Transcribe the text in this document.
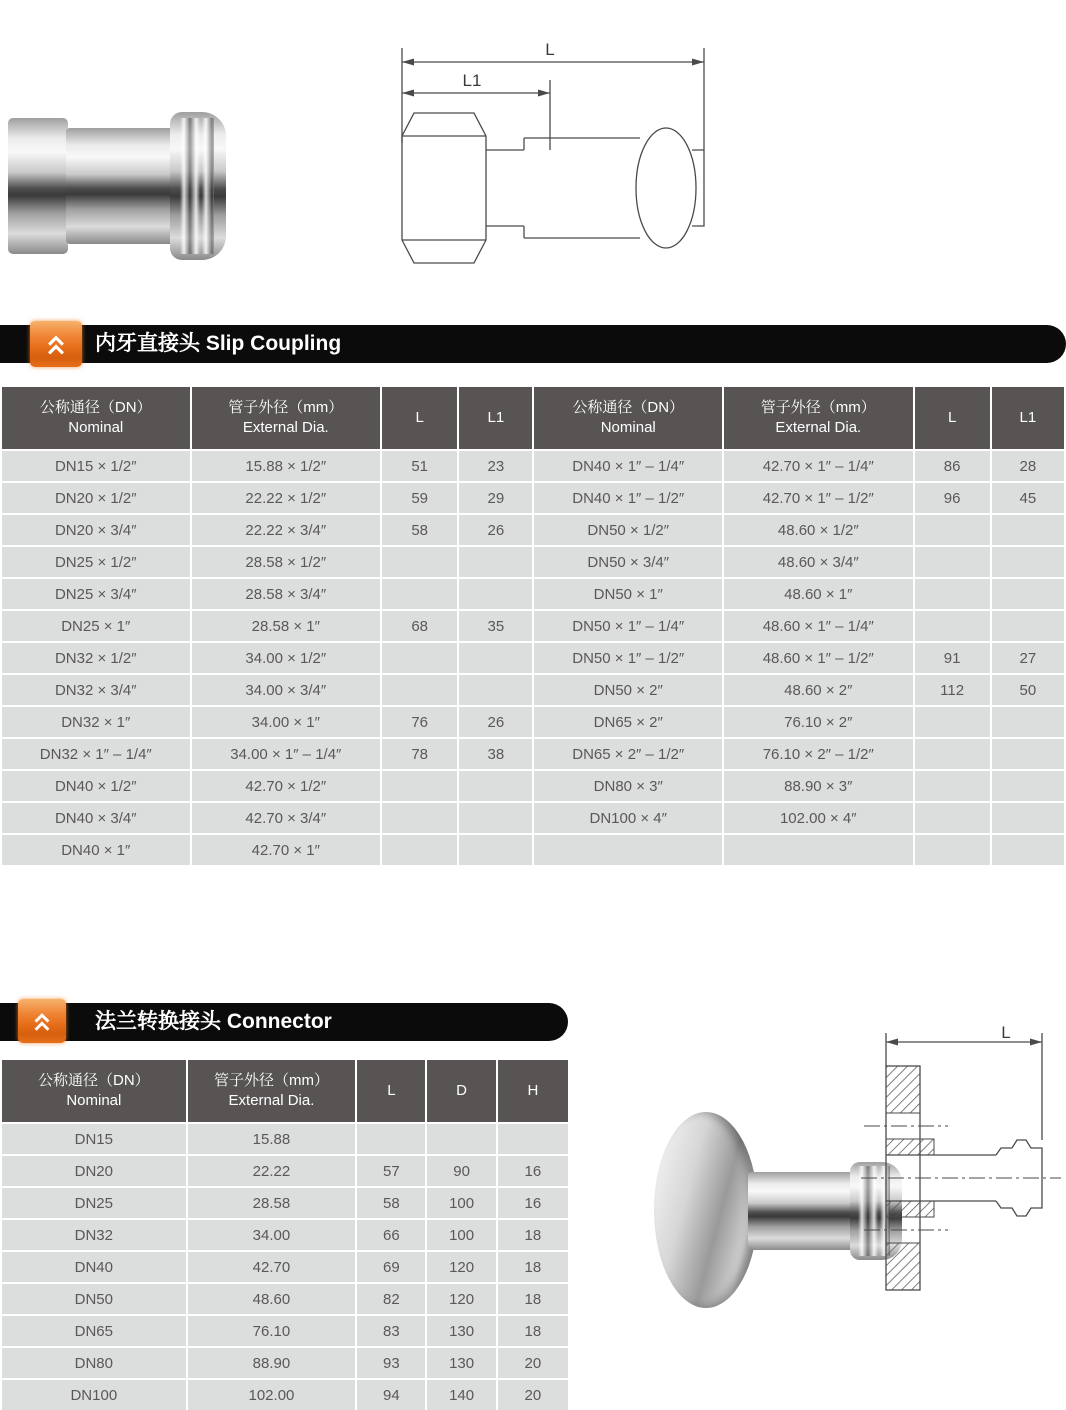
L
L1
内牙直接头 Slip Coupling
公称通径（DN）
Nominal	管子外径（mm）
External Dia.	L	L1	公称通径（DN）
Nominal	管子外径（mm）
External Dia.	L	L1

DN15 × 1/2″	15.88 × 1/2″	51	23	DN40 × 1″ – 1/4″	42.70 × 1″ – 1/4″	86	28
DN20 × 1/2″	22.22 × 1/2″	59	29	DN40 × 1″ – 1/2″	42.70 × 1″ – 1/2″	96	45
DN20 × 3/4″	22.22 × 3/4″	58	26	DN50 × 1/2″	48.60 × 1/2″		
DN25 × 1/2″	28.58 × 1/2″			DN50 × 3/4″	48.60 × 3/4″		
DN25 × 3/4″	28.58 × 3/4″			DN50 × 1″	48.60 × 1″		
DN25 × 1″	28.58 × 1″	68	35	DN50 × 1″ – 1/4″	48.60 × 1″ – 1/4″		
DN32 × 1/2″	34.00 × 1/2″			DN50 × 1″ – 1/2″	48.60 × 1″ – 1/2″	91	27
DN32 × 3/4″	34.00 × 3/4″			DN50 × 2″	48.60 × 2″	112	50
DN32 × 1″	34.00 × 1″	76	26	DN65 × 2″	76.10 × 2″		
DN32 × 1″ – 1/4″	34.00 × 1″ – 1/4″	78	38	DN65 × 2″ – 1/2″	76.10 × 2″ – 1/2″		
DN40 × 1/2″	42.70 × 1/2″			DN80 × 3″	88.90 × 3″		
DN40 × 3/4″	42.70 × 3/4″			DN100 × 4″	102.00 × 4″		
DN40 × 1″	42.70 × 1″						
法兰转换接头 Connector
公称通径（DN）
Nominal	管子外径（mm）
External Dia.	L	D	H

DN15	15.88			
DN20	22.22	57	90	16
DN25	28.58	58	100	16
DN32	34.00	66	100	18
DN40	42.70	69	120	18
DN50	48.60	82	120	18
DN65	76.10	83	130	18
DN80	88.90	93	130	20
DN100	102.00	94	140	20
L
